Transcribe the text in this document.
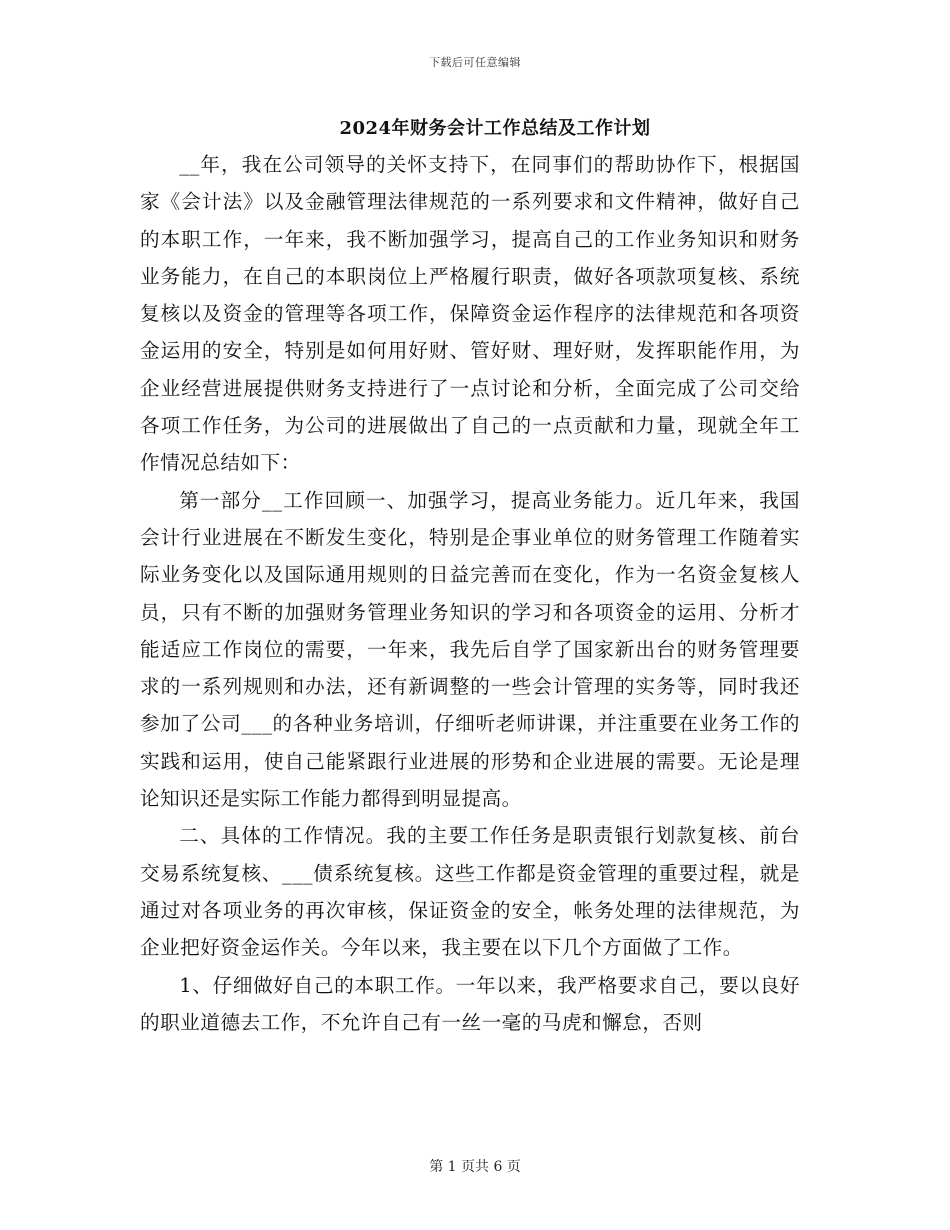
下载后可任意编辑
2024年财务会计工作总结及工作计划

__年，我在公司领导的关怀支持下，在同事们的帮助协作下，根据国家《会计法》以及金融管理法律规范的一系列要求和文件精神，做好自己的本职工作，一年来，我不断加强学习，提高自己的工作业务知识和财务业务能力，在自己的本职岗位上严格履行职责，做好各项款项复核、系统复核以及资金的管理等各项工作，保障资金运作程序的法律规范和各项资金运用的安全，特别是如何用好财、管好财、理好财，发挥职能作用，为企业经营进展提供财务支持进行了一点讨论和分析，全面完成了公司交给各项工作任务，为公司的进展做出了自己的一点贡献和力量，现就全年工作情况总结如下：

第一部分__工作回顾一、加强学习，提高业务能力。近几年来，我国会计行业进展在不断发生变化，特别是企事业单位的财务管理工作随着实际业务变化以及国际通用规则的日益完善而在变化，作为一名资金复核人员，只有不断的加强财务管理业务知识的学习和各项资金的运用、分析才能适应工作岗位的需要，一年来，我先后自学了国家新出台的财务管理要求的一系列规则和办法，还有新调整的一些会计管理的实务等，同时我还参加了公司___的各种业务培训，仔细听老师讲课，并注重要在业务工作的实践和运用，使自己能紧跟行业进展的形势和企业进展的需要。无论是理论知识还是实际工作能力都得到明显提高。

二、具体的工作情况。我的主要工作任务是职责银行划款复核、前台交易系统复核、___债系统复核。这些工作都是资金管理的重要过程，就是通过对各项业务的再次审核，保证资金的安全，帐务处理的法律规范，为企业把好资金运作关。今年以来，我主要在以下几个方面做了工作。

1、仔细做好自己的本职工作。一年以来，我严格要求自己，要以良好的职业道德去工作，不允许自己有一丝一毫的马虎和懈怠，否则

第 1 页共 6 页
